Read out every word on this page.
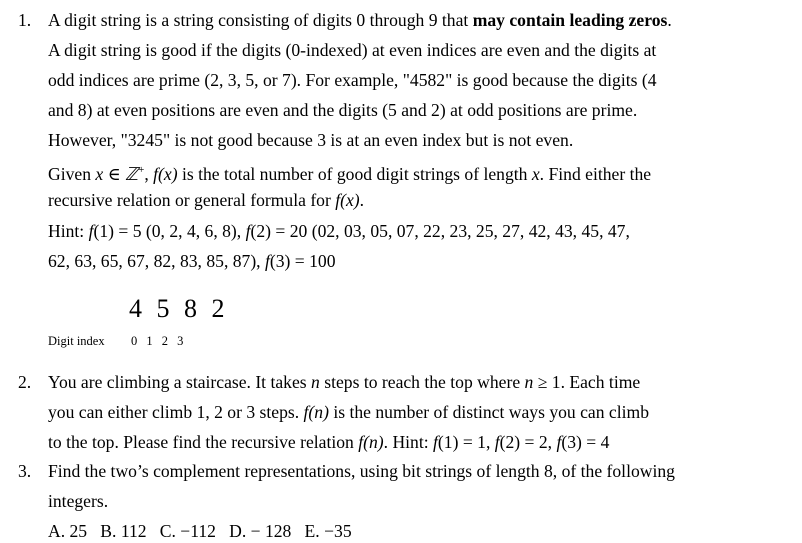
1. A digit string is a string consisting of digits 0 through 9 that may contain leading zeros.
A digit string is good if the digits (0-indexed) at even indices are even and the digits at
odd indices are prime (2, 3, 5, or 7). For example, "4582" is good because the digits (4
and 8) at even positions are even and the digits (5 and 2) at odd positions are prime.
However, "3245" is not good because 3 is at an even index but is not even.
Given x ∈ ℤ+, f(x) is the total number of good digit strings of length x. Find either the
recursive relation or general formula for f(x).
Hint: f(1) = 5 (0, 2, 4, 6, 8), f(2) = 20 (02, 03, 05, 07, 22, 23, 25, 27, 42, 43, 45, 47,
62, 63, 65, 67, 82, 83, 85, 87), f(3) = 100
4 5 8 2
Digit index 0 1 2 3
2. You are climbing a staircase. It takes n steps to reach the top where n ≥ 1. Each time
you can either climb 1, 2 or 3 steps. f(n) is the number of distinct ways you can climb
to the top. Please find the recursive relation f(n). Hint: f(1) = 1, f(2) = 2, f(3) = 4
3. Find the two’s complement representations, using bit strings of length 8, of the following
integers.
A. 25   B. 112   C. −112   D. − 128   E. −35
